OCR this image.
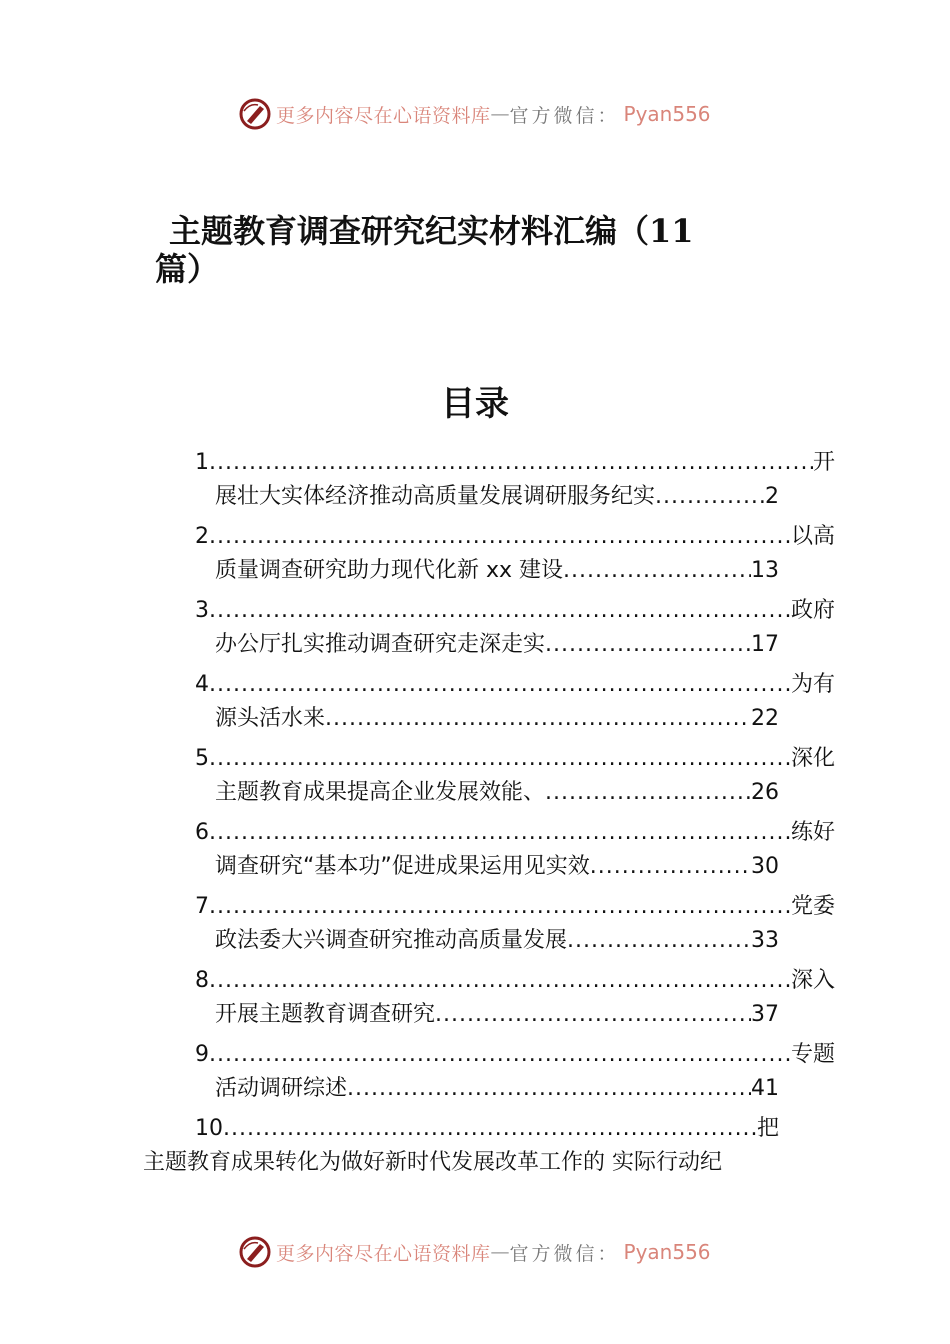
更多内容尽在心语资料库 — 官方微信： Pyan556
主题教育调查研究纪实材料汇编（11
篇）
目录
1 .....	开
展壮大实体经济推动高质量发展调研服务纪实 .....	2
2 .....	以高
质量调查研究助力现代化新 xx 建设 .....	13
3 .....	政府
办公厅扎实推动调查研究走深走实 .....	17
4 .....	为有
源头活水来 .....	22
5 .....	深化
主题教育成果提高企业发展效能、 .....	26
6 .....	练好
调查研究“基本功”促进成果运用见实效 .....	30
7 .....	党委
政法委大兴调查研究推动高质量发展 .....	33
8 .....	深入
开展主题教育调查研究 .....	37
9 .....	专题
活动调研综述 .....	41
10 .....	把
主题教育成果转化为做好新时代发展改革工作的 实际行动纪
更多内容尽在心语资料库 — 官方微信： Pyan556
